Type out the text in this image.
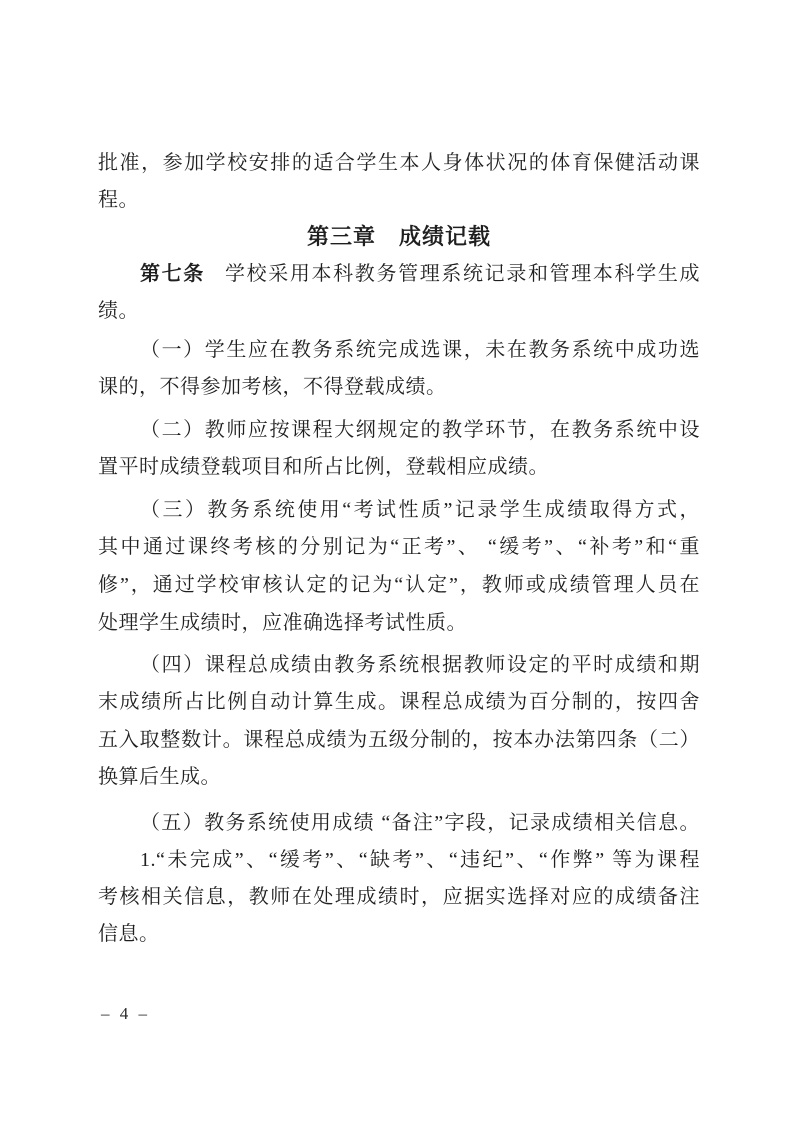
批准，参加学校安排的适合学生本人身体状况的体育保健活动课
程。
第三章　成绩记载
第七条 学校采用本科教务管理系统记录和管理本科学生成
绩。
（一）学生应在教务系统完成选课，未在教务系统中成功选
课的，不得参加考核，不得登载成绩。
（二）教师应按课程大纲规定的教学环节，在教务系统中设
置平时成绩登载项目和所占比例，登载相应成绩。
（三）教务系统使用“考试性质”记录学生成绩取得方式，
其中通过课终考核的分别记为“正考”、 “缓考”、“补考”和“重
修”，通过学校审核认定的记为“认定”，教师或成绩管理人员在
处理学生成绩时，应准确选择考试性质。
（四）课程总成绩由教务系统根据教师设定的平时成绩和期
末成绩所占比例自动计算生成。课程总成绩为百分制的，按四舍
五入取整数计。课程总成绩为五级分制的，按本办法第四条（二）
换算后生成。
（五）教务系统使用成绩 “备注”字段，记录成绩相关信息。
1.“未完成”、“缓考”、“缺考”、“违纪”、“作弊” 等为课程
考核相关信息，教师在处理成绩时，应据实选择对应的成绩备注
信息。
– 4 –
